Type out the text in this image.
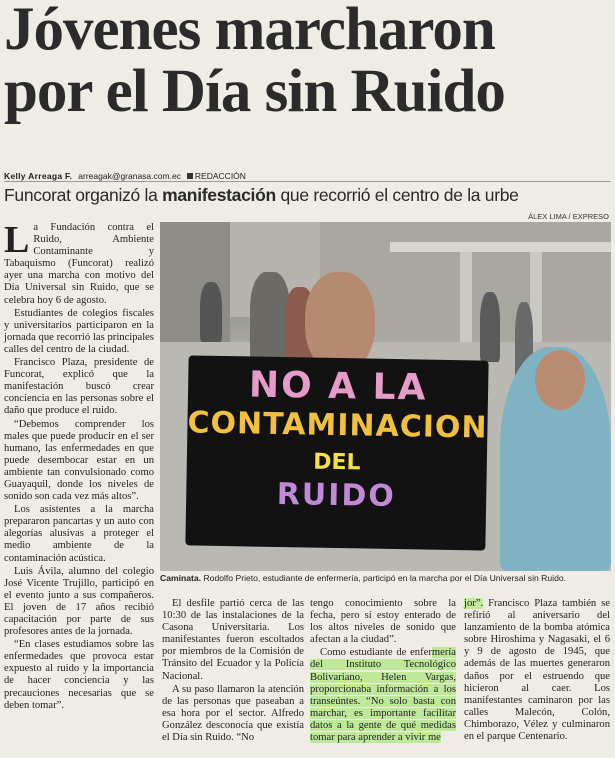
Jóvenes marcharon
por el Día sin Ruido
Kelly Arreaga F. arreagak@granasa.com.ec	REDACCIÓN
Funcorat organizó la manifestación que recorrió el centro de la urbe
ÁLEX LIMA / EXPRESO

La Fundación contra el Ruido, Ambiente Contaminante y Tabaquismo (Funcorat) realizó ayer una marcha con motivo del Día Universal sin Ruido, que se celebra hoy 6 de agosto.

Estudiantes de colegios fiscales y universitarios participaron en la jornada que recorrió las principales calles del centro de la ciudad.

Francisco Plaza, presidente de Funcorat, explicó que la manifestación buscó crear conciencia en las personas sobre el daño que produce el ruido.

“Debemos comprender los males que puede producir en el ser humano, las enfermedades en que puede desembocar estar en un ambiente tan convulsionado como Guayaquil, donde los niveles de sonido son cada vez más altos”.

Los asistentes a la marcha prepararon pancartas y un auto con alegorías alusivas a proteger el medio ambiente de la contaminación acústica.

Luis Ávila, alumno del colegio José Vicente Trujillo, participó en el evento junto a sus compañeros. El joven de 17 años recibió capacitación por parte de sus profesores antes de la jornada.

“En clases estudiamos sobre las enfermedades que provoca estar expuesto al ruido y la importancia de hacer conciencia y las precauciones necesarias que se deben tomar”.

NO A LA
CONTAMINACION
DEL
RUIDO
Caminata. Rodolfo Prieto, estudiante de enfermería, participó en la marcha por el Día Universal sin Ruido.

El desfile partió cerca de las 10:30 de las instalaciones de la Casona Universitaria. Los manifestantes fueron escoltados por miembros de la Comisión de Tránsito del Ecuador y la Policía Nacional.

A su paso llamaron la atención de las personas que paseaban a esa hora por el sector. Alfredo González desconocía que existía el Día sin Ruido. “No

tengo conocimiento sobre la fecha, pero sí estoy enterado de los altos niveles de sonido que afectan a la ciudad”.

Como estudiante de enfermería del Instituto Tecnológico Bolivariano, Helen Vargas, proporcionaba información a los transeúntes. “No solo basta con marchar, es importante facilitar datos a la gente de qué medidas tomar para aprender a vivir me

jor”. Francisco Plaza también se refirió al aniversario del lanzamiento de la bomba atómica sobre Hiroshima y Nagasaki, el 6 y 9 de agosto de 1945, que además de las muertes generaron daños por el estruendo que hicieron al caer. Los manifestantes caminaron por las calles Malecón, Colón, Chimborazo, Vélez y culminaron en el parque Centenario.
